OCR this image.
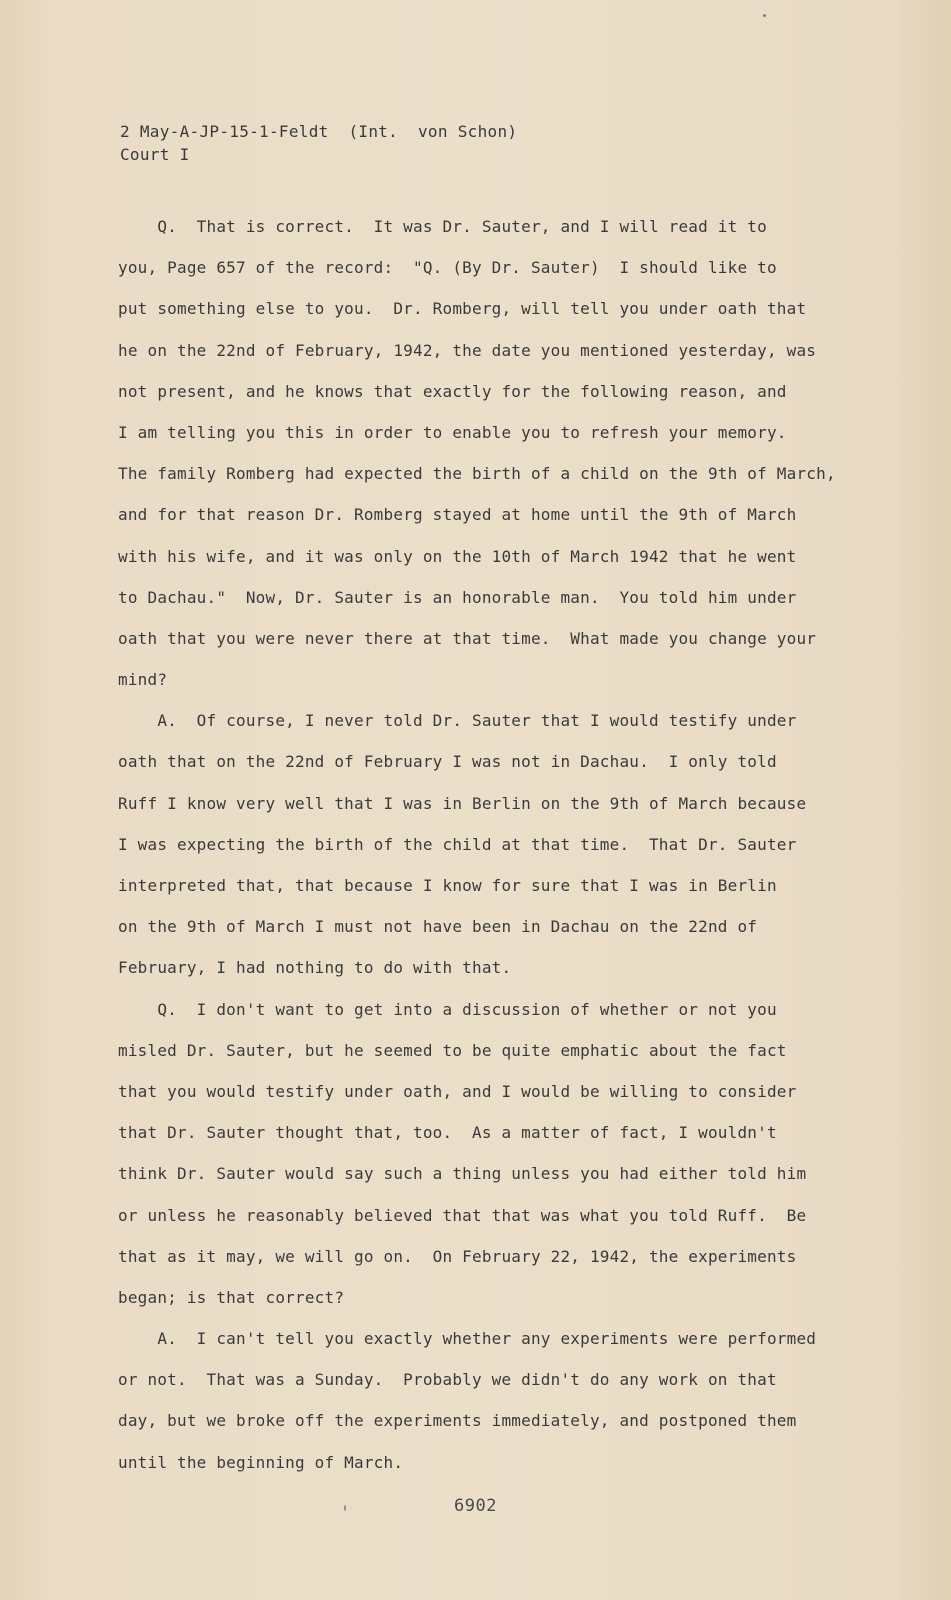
2 May-A-JP-15-1-Feldt  (Int.  von Schon)
Court I
Q.  That is correct.  It was Dr. Sauter, and I will read it to
you, Page 657 of the record:  "Q. (By Dr. Sauter)  I should like to
put something else to you.  Dr. Romberg, will tell you under oath that
he on the 22nd of February, 1942, the date you mentioned yesterday, was
not present, and he knows that exactly for the following reason, and
I am telling you this in order to enable you to refresh your memory.
The family Romberg had expected the birth of a child on the 9th of March,
and for that reason Dr. Romberg stayed at home until the 9th of March
with his wife, and it was only on the 10th of March 1942 that he went
to Dachau."  Now, Dr. Sauter is an honorable man.  You told him under
oath that you were never there at that time.  What made you change your
mind?
A.  Of course, I never told Dr. Sauter that I would testify under
oath that on the 22nd of February I was not in Dachau.  I only told
Ruff I know very well that I was in Berlin on the 9th of March because
I was expecting the birth of the child at that time.  That Dr. Sauter
interpreted that, that because I know for sure that I was in Berlin
on the 9th of March I must not have been in Dachau on the 22nd of
February, I had nothing to do with that.
Q.  I don't want to get into a discussion of whether or not you
misled Dr. Sauter, but he seemed to be quite emphatic about the fact
that you would testify under oath, and I would be willing to consider
that Dr. Sauter thought that, too.  As a matter of fact, I wouldn't
think Dr. Sauter would say such a thing unless you had either told him
or unless he reasonably believed that that was what you told Ruff.  Be
that as it may, we will go on.  On February 22, 1942, the experiments
began; is that correct?
A.  I can't tell you exactly whether any experiments were performed
or not.  That was a Sunday.  Probably we didn't do any work on that
day, but we broke off the experiments immediately, and postponed them
until the beginning of March.
6902
